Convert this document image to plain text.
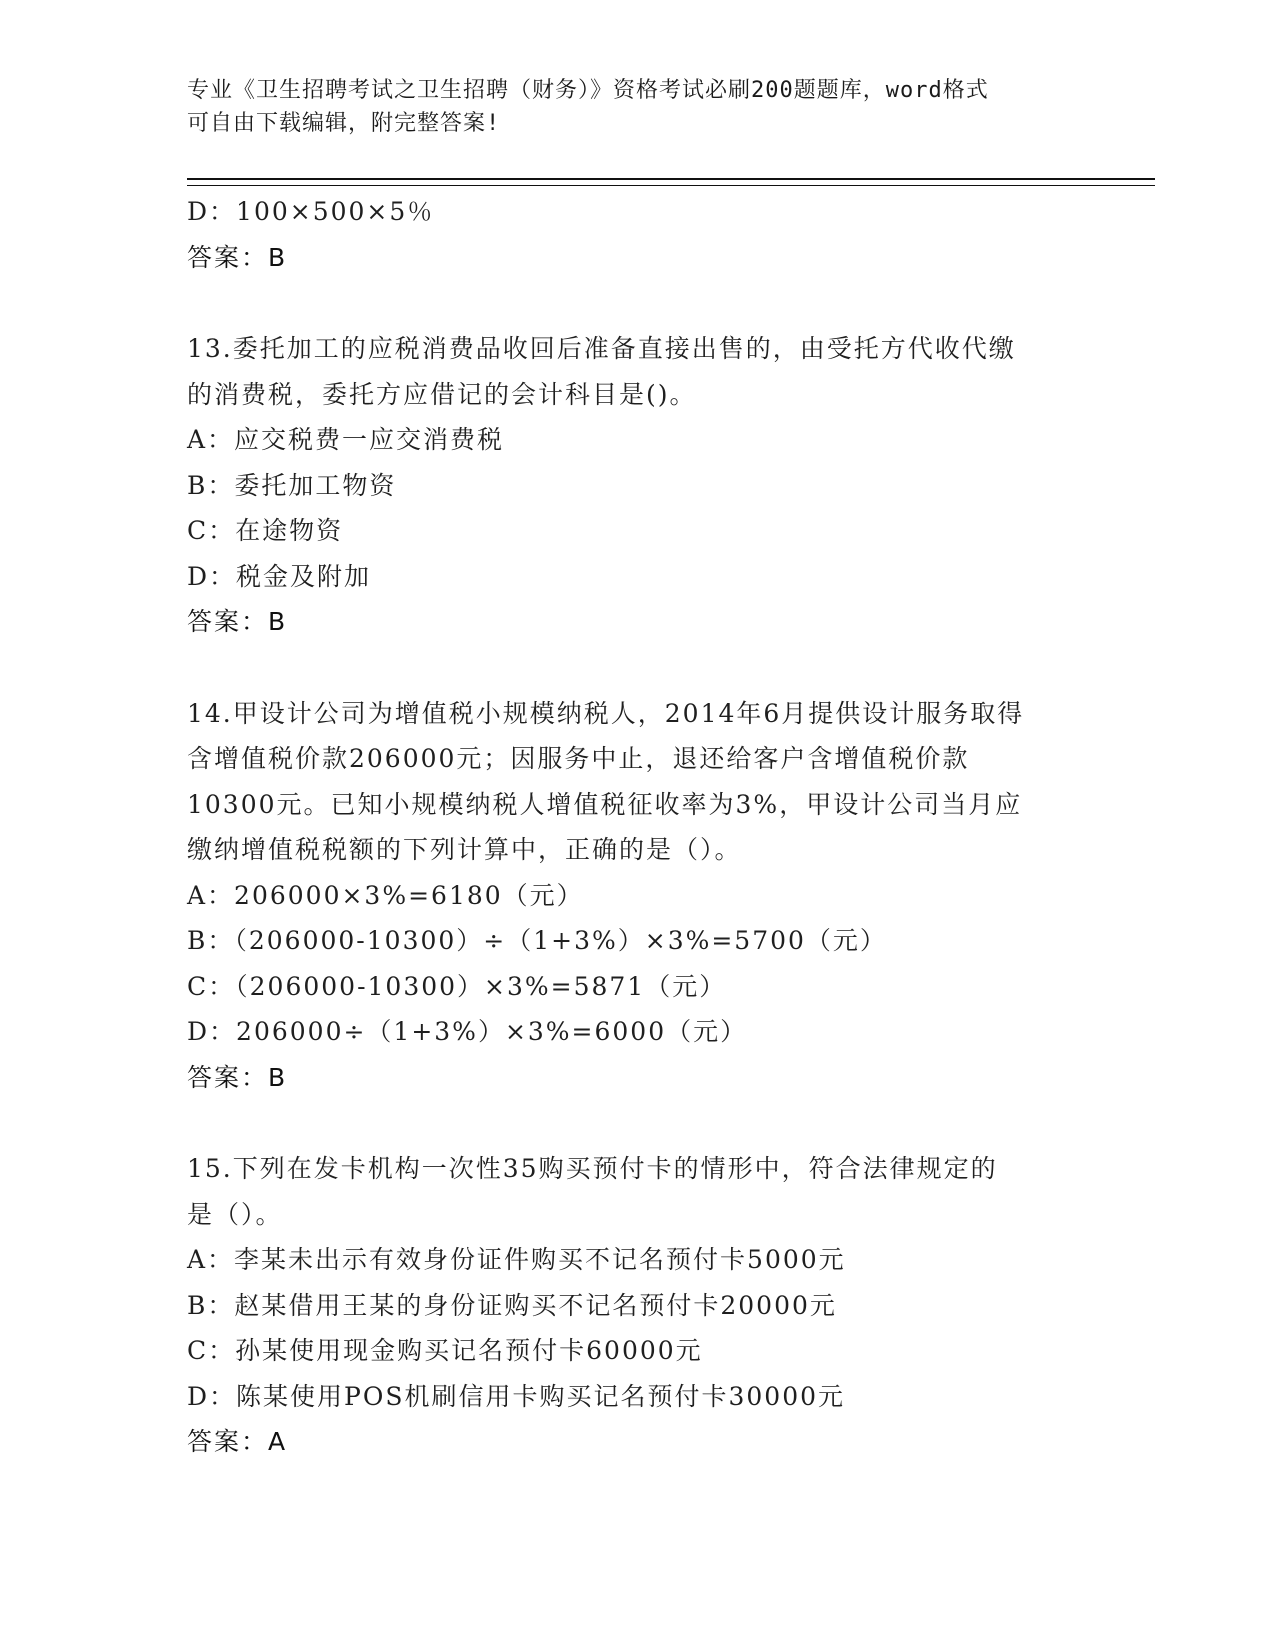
专业《卫生招聘考试之卫生招聘（财务）》资格考试必刷200题题库，word格式
可自由下载编辑，附完整答案!
D：100×500×5％
答案：B
13.委托加工的应税消费品收回后准备直接出售的，由受托方代收代缴
的消费税，委托方应借记的会计科目是()。
A：应交税费一应交消费税
B：委托加工物资
C：在途物资
D：税金及附加
答案：B
14.甲设计公司为增值税小规模纳税人，2014年6月提供设计服务取得
含增值税价款206000元；因服务中止，退还给客户含增值税价款
10300元。已知小规模纳税人增值税征收率为3%，甲设计公司当月应
缴纳增值税税额的下列计算中，正确的是（）。
A：206000×3%=6180（元）
B：（206000-10300）÷（1+3%）×3%=5700（元）
C：（206000-10300）×3%=5871（元）
D：206000÷（1+3%）×3%=6000（元）
答案：B
15.下列在发卡机构一次性35购买预付卡的情形中，符合法律规定的
是（）。
A：李某未出示有效身份证件购买不记名预付卡5000元
B：赵某借用王某的身份证购买不记名预付卡20000元
C：孙某使用现金购买记名预付卡60000元
D：陈某使用POS机刷信用卡购买记名预付卡30000元
答案：A
